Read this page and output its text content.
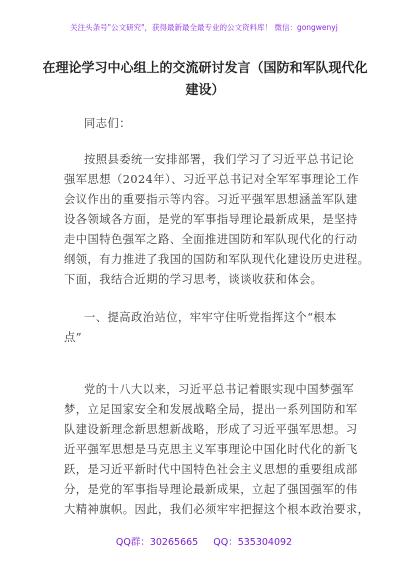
关注头条号"公文研究"，获得最新最全最专业的公文资料库！ 微信：gongwenyj
在理论学习中心组上的交流研讨发言（国防和军队现代化
建设）
同志们：
按照县委统一安排部署，我们学习了习近平总书记论
强军思想（2024年）、习近平总书记对全军军事理论工作
会议作出的重要指示等内容。习近平强军思想涵盖军队建
设各领域各方面，是党的军事指导理论最新成果，是坚持
走中国特色强军之路、全面推进国防和军队现代化的行动
纲领，有力推进了我国的国防和军队现代化建设历史进程。
下面，我结合近期的学习思考，谈谈收获和体会。
一、提高政治站位，牢牢守住听党指挥这个“根本
点”
党的十八大以来，习近平总书记着眼实现中国梦强军
梦，立足国家安全和发展战略全局，提出一系列国防和军
队建设新理念新思想新战略，形成了习近平强军思想。习
近平强军思想是马克思主义军事理论中国化时代化的新飞
跃，是习近平新时代中国特色社会主义思想的重要组成部
分，是党的军事指导理论最新成果，立起了强国强军的伟
大精神旗帜。因此，我们必须牢牢把握这个根本政治要求，
QQ群：30265665 QQ：535304092
